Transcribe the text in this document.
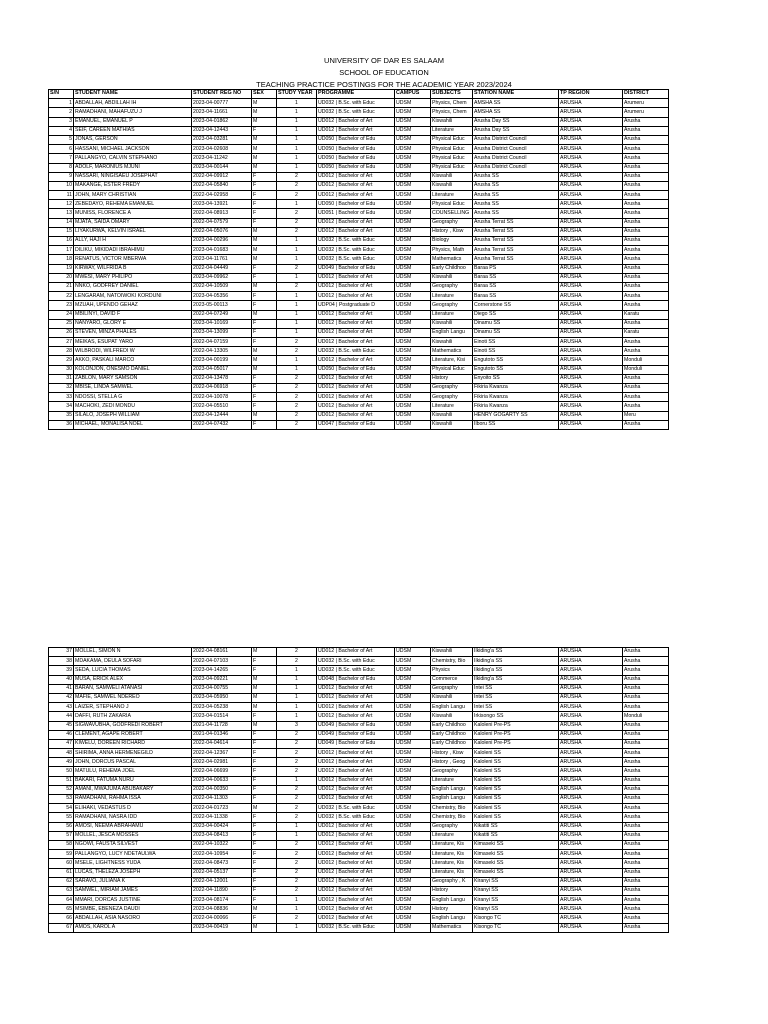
UNIVERSITY OF DAR ES SALAAM
SCHOOL OF EDUCATION
TEACHING PRACTICE POSTINGS FOR THE ACADEMIC YEAR 2023/2024
S/N	STUDENT NAME	STUDENT REG NO	SEX	STUDY YEAR	PROGRAMME	CAMPUS	SUBJECTS	STATION NAME	TP REGION	DISTRICT
1	ABDALLAH, ABDILLAH IH	2023-04-00777	M	1	UD032 | B.Sc. with Educ	UDSM	Physics, Chem	AMSHA SS	ARUSHA	Arumeru
2	RAMADHANI, MAHAFUZU J	2023-04-11661	M	1	UD032 | B.Sc. with Educ	UDSM	Physics, Chem	AMSHA SS	ARUSHA	Arumeru
3	EMANUEL, EMANUEL P	2023-04-01862	M	1	UD012 | Bachelor of Art	UDSM	Kiswahili	Arusha Day SS	ARUSHA	Arusha
4	SEIF, CAREEN MATHIAS	2023-04-12443	F	1	UD012 | Bachelor of Art	UDSM	Literature	Arusha Day SS	ARUSHA	Arusha
5	JONAS, GERSON	2023-04-03281	M	1	UD050 | Bachelor of Edu	UDSM	Physical Educ	Arusha District Council	ARUSHA	Arusha
6	HASSANI, MICHAEL JACKSON	2023-04-02608	M	1	UD050 | Bachelor of Edu	UDSM	Physical Educ	Arusha District Council	ARUSHA	Arusha
7	PALLANGYO, CALVIN STEPHANO	2023-04-11242	M	1	UD050 | Bachelor of Edu	UDSM	Physical Educ	Arusha District Council	ARUSHA	Arusha
8	ADOLF, MARONIUS MJUNI	2023-04-00144	M	1	UD050 | Bachelor of Edu	UDSM	Physical Educ	Arusha District Council	ARUSHA	Arusha
9	NASSARI, NINGISAEU JOSEPHAT	2022-04-09912	F	2	UD012 | Bachelor of Art	UDSM	Kiswahili	Arusha SS	ARUSHA	Arusha
10	MAKANGE, ESTER FREDY	2022-04-05840	F	2	UD012 | Bachelor of Art	UDSM	Kiswahili	Arusha SS	ARUSHA	Arusha
11	JOHN, MARY CHRISTIAN	2022-04-02958	F	2	UD012 | Bachelor of Art	UDSM	Literature	Arusha SS	ARUSHA	Arusha
12	ZEBEDAYO, REHEMA EMANUEL	2023-04-13921	F	1	UD050 | Bachelor of Edu	UDSM	Physical Educ	Arusha SS	ARUSHA	Arusha
13	MUNISS, FLORENCE A	2022-04-08913	F	2	UD051 | Bachelor of Edu	UDSM	COUNSELLING	Arusha SS	ARUSHA	Arusha
14	MJATA, SAIDA OMARY	2022-04-07579	F	2	UD012 | Bachelor of Art	UDSM	Geography	Arusha Terrat SS	ARUSHA	Arusha
15	LIYAKURWA, KELVIN ISRAEL	2022-04-05076	M	2	UD012 | Bachelor of Art	UDSM	History , Kisw	Arusha Terrat SS	ARUSHA	Arusha
16	ALLY, HAJI H	2023-04-00296	M	1	UD032 | B.Sc. with Educ	UDSM	Biology	Arusha Terrat SS	ARUSHA	Arusha
17	DILIKU, MIKIDADI IBRAHIMU	2023-04-01683	M	1	UD032 | B.Sc. with Educ	UDSM	Physics, Math	Arusha Terrat SS	ARUSHA	Arusha
18	RENATUS, VICTOR MBERWA	2023-04-11761	M	1	UD032 | B.Sc. with Educ	UDSM	Mathematics	Arusha Terrat SS	ARUSHA	Arusha
19	KIRWAY, WILFRIDA B	2022-04-04449	F	2	UD049 | Bachelor of Edu	UDSM	Early Childhoo	Baraa PS	ARUSHA	Arusha
20	MWESI, MARY PHILIPO	2023-04-09962	F	1	UD012 | Bachelor of Art	UDSM	Kiswahili	Baraa SS	ARUSHA	Arusha
21	NNKO, GODFREY DANIEL	2022-04-10509	M	2	UD012 | Bachelor of Art	UDSM	Geography	Baraa SS	ARUSHA	Arusha
22	LENGARAM, NATOIWOKI KORDUNI	2023-04-05356	F	1	UD012 | Bachelor of Art	UDSM	Literature	Baraa SS	ARUSHA	Arusha
23	MZUAH, UPENDO GEHAZ	2023-05-00113	F	1	UDP04 | Postgraduate D	UDSM	Geography	Cornerstone SS	ARUSHA	Arusha
24	MBILINYI, DAVID F	2022-04-07249	M	1	UD012 | Bachelor of Art	UDSM	Literature	Diego SS	ARUSHA	Karatu
25	NANYARO, GLORY E	2023-04-10169	F	1	UD012 | Bachelor of Art	UDSM	Kiswahili	Dinamu SS	ARUSHA	Arusha
26	STEVEN, MINZA PHALES	2023-04-13099	F	1	UD012 | Bachelor of Art	UDSM	English Langu	Dinamu SS	ARUSHA	Karatu
27	MEIKAS, ESUPAT YARO	2022-04-07159	F	2	UD012 | Bachelor of Art	UDSM	Kiswahili	Einoti SS	ARUSHA	Arusha
28	WILBRODI, WILFREDI W	2022-04-13305	M	2	UD032 | B.Sc. with Educ	UDSM	Mathematics	Einoti SS	ARUSHA	Arusha
29	AKKO, PASKALI MARCO	2023-04-00199	M	1	UD012 | Bachelor of Art	UDSM	Literature, Kisi	Engutoto SS	ARUSHA	Monduli
30	KOLONJON, ONESMO DANIEL	2023-04-05017	M	1	UD050 | Bachelor of Edu	UDSM	Physical Educ	Engutoto SS	ARUSHA	Monduli
31	ZABLON, MARY SAMSON	2022-04-13478	F	2	UD012 | Bachelor of Art	UDSM	History	Enyoito SS	ARUSHA	Arusha
32	MBISE, LINDA SAMWEL	2022-04-06918	F	2	UD012 | Bachelor of Art	UDSM	Geography	Fikiria Kwanza	ARUSHA	Arusha
33	NDOSSI, STELLA G	2022-04-10078	F	2	UD012 | Bachelor of Art	UDSM	Geography	Fikiria Kwanza	ARUSHA	Arusha
34	MACHOKI, ZEDI MONDU	2022-04-05510	F	2	UD012 | Bachelor of Art	UDSM	Literature	Fikiria Kwanza	ARUSHA	Arusha
35	SILALO, JOSEPH WILLIAM	2022-04-12444	M	2	UD012 | Bachelor of Art	UDSM	Kiswahili	HENRY GOGARTY SS	ARUSHA	Meru
36	MICHAEL, MONALISA NOEL	2022-04-07432	F	2	UD047 | Bachelor of Edu	UDSM	Kiswahili	Ilboru SS	ARUSHA	Arusha
37	MOLLEL, SIMON N	2022-04-08161	M	2	UD012 | Bachelor of Art	UDSM	Kiswahili	Ilkiding'a SS	ARUSHA	Arusha
38	MDAKAMA, DEULA SOFARI	2022-04-07103	F	2	UD032 | B.Sc. with Educ	UDSM	Chemistry, Bio	Ilkiding'a SS	ARUSHA	Arusha
39	SEDA, LUCIA THOMAS	2023-04-14265	F	1	UD032 | B.Sc. with Educ	UDSM	Physics	Ilkiding'a SS	ARUSHA	Arusha
40	MUSA, ERICK ALEX	2023-04-09221	M	1	UD048 | Bachelor of Edu	UDSM	Commerce	Ilkiding'a SS	ARUSHA	Arusha
41	BARAN, SAMWELI ATANASI	2023-04-00755	M	1	UD012 | Bachelor of Art	UDSM	Geography	Intei SS	ARUSHA	Arusha
42	MAFIE, SAMWEL NDEREO	2023-04-05950	M	1	UD012 | Bachelor of Art	UDSM	Kiswahili	Intei SS	ARUSHA	Arusha
43	LAIZER, STEPHANO J	2023-04-05238	M	1	UD012 | Bachelor of Art	UDSM	English Langu	Intei SS	ARUSHA	Arusha
44	DAFFI, RUTH ZAKARIA	2023-04-01514	F	1	UD012 | Bachelor of Art	UDSM	Kiswahili	Irkisongo SS	ARUSHA	Monduli
45	SIGWAVUBHA, GODFREDI ROBERT	2021-04-11728	M	3	UD049 | Bachelor of Edu	UDSM	Early Childhoo	Kaloleni Pre-PS	ARUSHA	Arusha
46	CLEMENT, AGAPE ROBERT	2021-04-01346	F	2	UD049 | Bachelor of Edu	UDSM	Early Childhoo	Kaloleni Pre-PS	ARUSHA	Arusha
47	KIWELU, DOREEN RICHARD	2022-04-04614	F	2	UD049 | Bachelor of Edu	UDSM	Early Childhoo	Kaloleni Pre-PS	ARUSHA	Arusha
48	SHIRIMA, ANNA HERMENEGILD	2022-04-12367	F	2	UD012 | Bachelor of Art	UDSM	History , Kisw	Kaloleni SS	ARUSHA	Arusha
49	JOHN, DORCUS PASCAL	2022-04-02981	F	2	UD012 | Bachelor of Art	UDSM	History , Geog	Kaloleni SS	ARUSHA	Arusha
50	MATULU, REHEMA JOEL	2022-04-06699	F	2	UD012 | Bachelor of Art	UDSM	Geography	Kaloleni SS	ARUSHA	Arusha
51	BAKARI, FATUMA NURU	2023-04-00633	F	1	UD012 | Bachelor of Art	UDSM	Literature	Kaloleni SS	ARUSHA	Arusha
52	AMANI, MWAJUMA ABUBAKARY	2022-04-00350	F	2	UD012 | Bachelor of Art	UDSM	English Langu	Kaloleni SS	ARUSHA	Arusha
53	RAMADHANI, RAHMA ISSA	2022-04-11303	F	2	UD012 | Bachelor of Art	UDSM	English Langu	Kaloleni SS	ARUSHA	Arusha
54	ELIHAKI, VEDASTUS D	2022-04-01723	M	2	UD032 | B.Sc. with Educ	UDSM	Chemistry, Bio	Kaloleni SS	ARUSHA	Arusha
55	RAMADHANI, NASRA IDD	2022-04-11338	F	2	UD032 | B.Sc. with Educ	UDSM	Chemistry, Bio	Kaloleni SS	ARUSHA	Arusha
56	AMOSI, NEEMA ABRAHAMU	2023-04-00424	F	1	UD012 | Bachelor of Art	UDSM	Geography	Kikatiti SS	ARUSHA	Arusha
57	MOLLEL, JESCA MOSSES	2023-04-08413	F	1	UD012 | Bachelor of Art	UDSM	Literature	Kikatiti SS	ARUSHA	Arusha
58	NGOWI, FAUSTA SILVEST	2022-04-10322	F	2	UD012 | Bachelor of Art	UDSM	Literature, Kis	Kimaseki SS	ARUSHA	Arusha
59	PALLANGYO, LUCY NDETAULWA	2022-04-10954	F	2	UD012 | Bachelor of Art	UDSM	Literature, Kis	Kimaseki SS	ARUSHA	Arusha
60	MSELE, LIGHTNESS YUDA	2022-04-08473	F	2	UD012 | Bachelor of Art	UDSM	Literature, Kis	Kimaseki SS	ARUSHA	Arusha
61	LUCAS, THELEZA JOSEPH	2022-04-05137	F	2	UD012 | Bachelor of Art	UDSM	Literature, Kis	Kimaseki SS	ARUSHA	Arusha
62	SARAVO, JULIANA K	2022-04-12001	F	2	UD012 | Bachelor of Art	UDSM	Geography , K	Kiranyi SS	ARUSHA	Arusha
63	SAMWEL, MIRIAM JAMES	2022-04-11890	F	2	UD012 | Bachelor of Art	UDSM	History	Kiranyi SS	ARUSHA	Arusha
64	MMARI, DORCAS JUSTINE	2023-04-08174	F	1	UD012 | Bachelor of Art	UDSM	English Langu	Kiranyi SS	ARUSHA	Arusha
65	MSIMBE, EBENEZA DAUDI	2023-04-08836	M	1	UD012 | Bachelor of Art	UDSM	History	Kiranyi SS	ARUSHA	Arusha
66	ABDALLAH, ASIA NASORO	2022-04-00066	F	2	UD012 | Bachelor of Art	UDSM	English Langu	Kisongo TC	ARUSHA	Arusha
67	AMOS, KAROL A	2023-04-00419	M	1	UD032 | B.Sc. with Educ	UDSM	Mathematics	Kisongo TC	ARUSHA	Arusha
